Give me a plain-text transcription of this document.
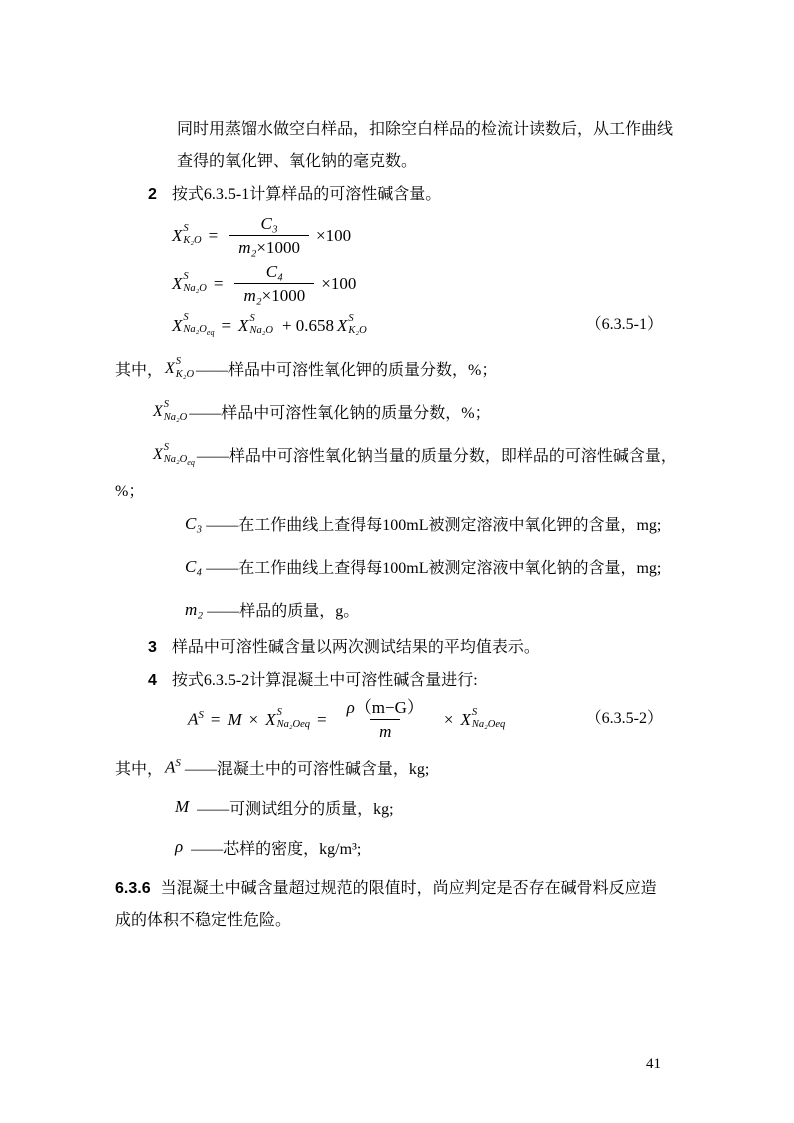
同时用蒸馏水做空白样品，扣除空白样品的检流计读数后，从工作曲线
查得的氧化钾、氧化钠的毫克数。
2 按式6.3.5-1计算样品的可溶性碱含量。
X S
$K_2O = \frac{\text{C₃}}{\text{m₂×1000}} \times 100$
X S
$Na_2O = \frac{\text{C₄}}{\text{m₂×1000}} \times 100$
X S
$Na_2O_{eq} = X$ S
Na₂O + 0.658 X S
K₂O	（6.3.5-1）
其中， X S
K₂O ——样品中可溶性氧化钾的质量分数，%；
X S
Na₂O ——样品中可溶性氧化钠的质量分数，%；
X S
$Na_2O_{eq}$ ——样品中可溶性氧化钠当量的质量分数，即样品的可溶性碱含量，
%；
C₃ ——在工作曲线上查得每100mL被测定溶液中氧化钾的含量，mg;
C₄ ——在工作曲线上查得每100mL被测定溶液中氧化钠的含量，mg;
m₂ ——样品的质量，g。
3 样品中可溶性碱含量以两次测试结果的平均值表示。
4 按式6.3.5-2计算混凝土中可溶性碱含量进行:
$A^S = M \times X$ S
$Na_2Oeq = \frac{\rho(m-G)}{m} \times X$ S
Na₂Oeq	（6.3.5-2）
其中， $A^S$ ——混凝土中的可溶性碱含量，kg;
M ——可测试组分的质量，kg;
ρ ——芯样的密度，kg/m³;
6.3.6 当混凝土中碱含量超过规范的限值时，尚应判定是否存在碱骨料反应造
成的体积不稳定性危险。
41
